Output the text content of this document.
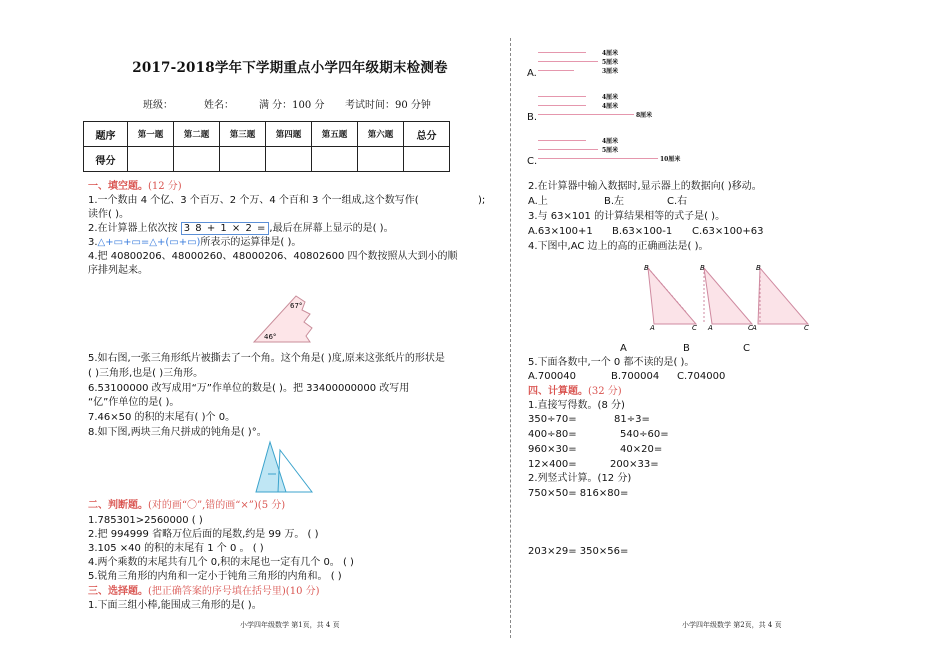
2017-2018学年下学期重点小学四年级期末检测卷
班级：	姓名：	满 分：100 分 考试时间：90 分钟
题序	第一题	第二题	第三题	第四题	第五题	第六题	总分
得分							
一、填空题。(12 分)
1.一个数由 4 个亿、3 个百万、2 个万、4 个百和 3 个一组成,这个数写作(	);
读作( )。
2.在计算器上依次按 3 8 + 1 × 2 = ,最后在屏幕上显示的是( )。
3.△+▭+▭=△+(▭+▭)所表示的运算律是( )。
4.把 40800206、48000260、48000206、40802600 四个数按照从大到小的顺
序排列起来。
67°
46°
5.如右图,一张三角形纸片被撕去了一个角。这个角是( )度,原来这张纸片的形状是
( )三角形,也是( )三角形。
6.53100000 改写成用“万”作单位的数是( )。把 33400000000 改写用
“亿”作单位的是( )。
7.46×50 的积的末尾有( )个 0。
8.如下图,两块三角尺拼成的钝角是( )°。
二、判断题。(对的画“〇”,错的画“×”)(5 分)
1.785301>2560000 ( )
2.把 994999 省略万位后面的尾数,约是 99 万。 ( )
3.105 ×40 的积的末尾有 1 个 0 。 ( )
4.两个乘数的末尾共有几个 0,积的末尾也一定有几个 0。 ( )
5.锐角三角形的内角和一定小于钝角三角形的内角和。 ( )
三、选择题。(把正确答案的序号填在括号里)(10 分)
1.下面三组小棒,能围成三角形的是( )。
小学四年级数学 第1页，共 4 页
A.
4厘米
5厘米
3厘米
B.
4厘米
4厘米
8厘米
C.
4厘米
5厘米
10厘米
2.在计算器中输入数据时,显示器上的数据向( )移动。
A.上	B.左	C.右
3.与 63×101 的计算结果相等的式子是( )。
A.63×100+1 B.63×100-1 C.63×100+63
4.下图中,AC 边上的高的正确画法是( )。
B
A	C
B
A	C
B
A	C
A	B	C
5.下面各数中,一个 0 都不读的是( )。
A.700040	B.700004 C.704000
四、计算题。(32 分)
1.直接写得数。(8 分)
350÷70=	81÷3=
400÷80=	540÷60=
960×30=	40×20=
12×400=	200×33=
2.列竖式计算。(12 分)
750×50= 816×80=
203×29= 350×56=
小学四年级数学 第2页，共 4 页
